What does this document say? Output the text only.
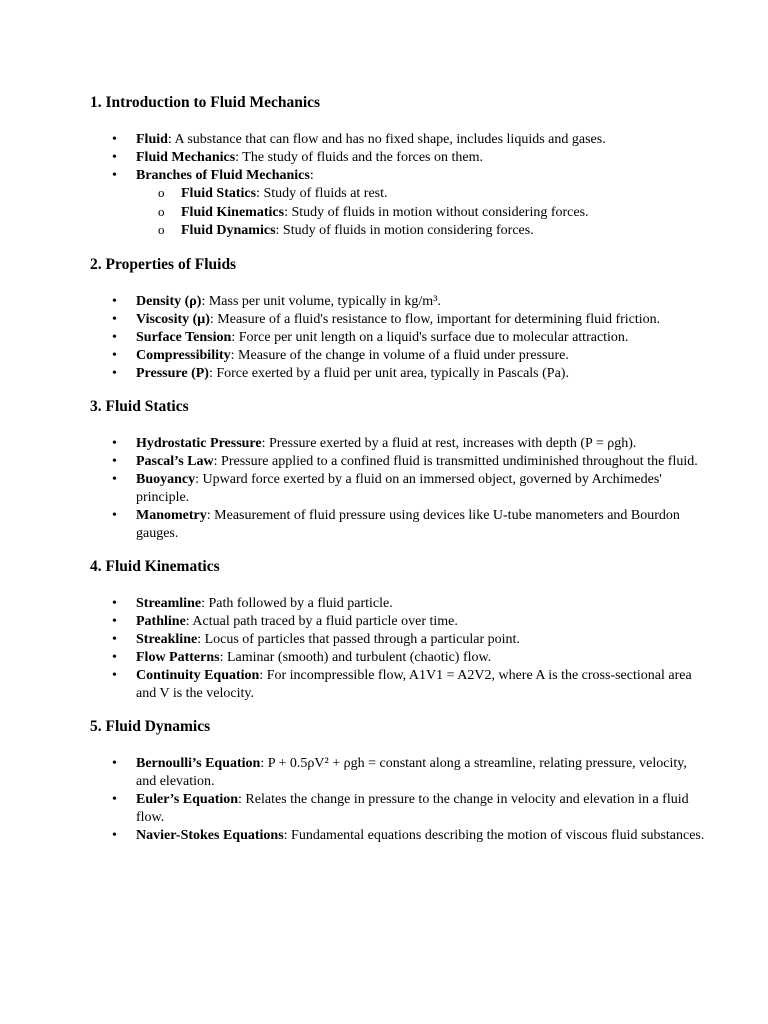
1. Introduction to Fluid Mechanics
• Fluid: A substance that can flow and has no fixed shape, includes liquids and gases.
• Fluid Mechanics: The study of fluids and the forces on them.
• Branches of Fluid Mechanics:
o Fluid Statics: Study of fluids at rest.
o Fluid Kinematics: Study of fluids in motion without considering forces.
o Fluid Dynamics: Study of fluids in motion considering forces.
2. Properties of Fluids
• Density (ρ): Mass per unit volume, typically in kg/m³.
• Viscosity (μ): Measure of a fluid's resistance to flow, important for determining fluid friction.
• Surface Tension: Force per unit length on a liquid's surface due to molecular attraction.
• Compressibility: Measure of the change in volume of a fluid under pressure.
• Pressure (P): Force exerted by a fluid per unit area, typically in Pascals (Pa).
3. Fluid Statics
• Hydrostatic Pressure: Pressure exerted by a fluid at rest, increases with depth (P = ρgh).
• Pascal’s Law: Pressure applied to a confined fluid is transmitted undiminished throughout the fluid.
• Buoyancy: Upward force exerted by a fluid on an immersed object, governed by Archimedes' principle.
• Manometry: Measurement of fluid pressure using devices like U-tube manometers and Bourdon gauges.
4. Fluid Kinematics
• Streamline: Path followed by a fluid particle.
• Pathline: Actual path traced by a fluid particle over time.
• Streakline: Locus of particles that passed through a particular point.
• Flow Patterns: Laminar (smooth) and turbulent (chaotic) flow.
• Continuity Equation: For incompressible flow, A1V1 = A2V2, where A is the cross-sectional area and V is the velocity.
5. Fluid Dynamics
• Bernoulli’s Equation: P + 0.5ρV² + ρgh = constant along a streamline, relating pressure, velocity, and elevation.
• Euler’s Equation: Relates the change in pressure to the change in velocity and elevation in a fluid flow.
• Navier-Stokes Equations: Fundamental equations describing the motion of viscous fluid substances.
